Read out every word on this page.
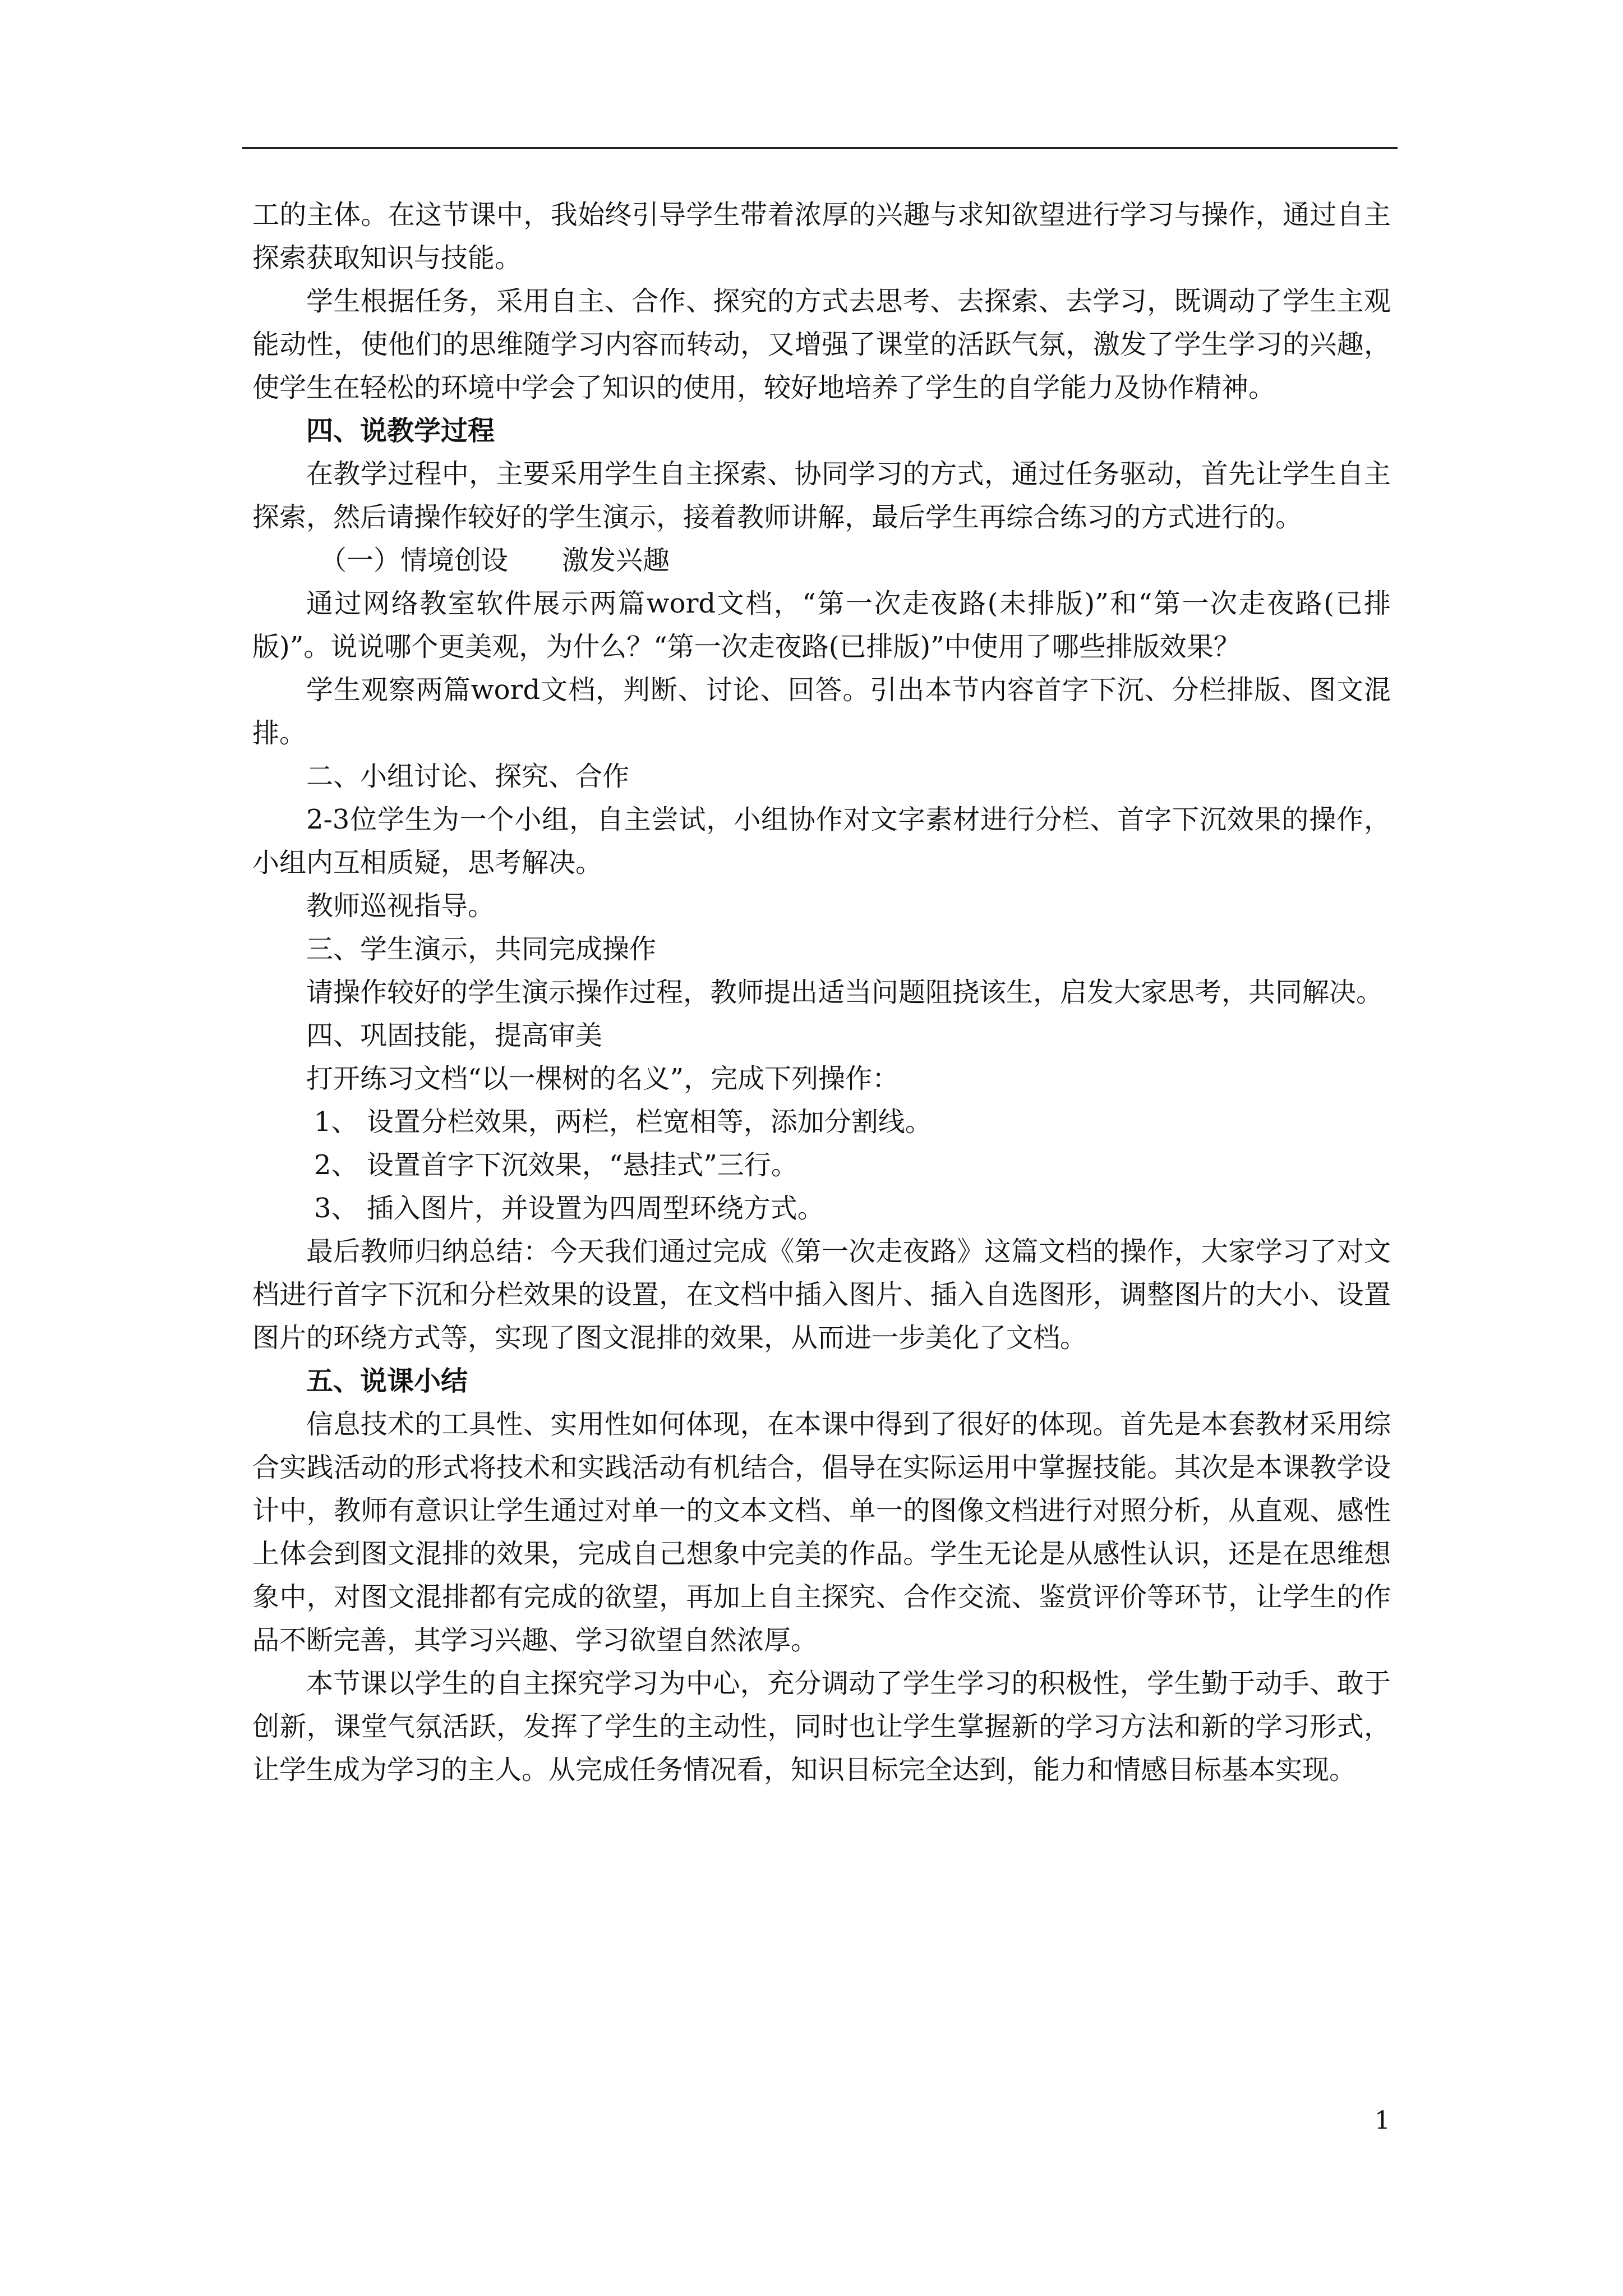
工的主体。在这节课中，我始终引导学生带着浓厚的兴趣与求知欲望进行学习与操作，通过自主探索获取知识与技能。

学生根据任务，采用自主、合作、探究的方式去思考、去探索、去学习，既调动了学生主观能动性，使他们的思维随学习内容而转动，又增强了课堂的活跃气氛，激发了学生学习的兴趣，使学生在轻松的环境中学会了知识的使用，较好地培养了学生的自学能力及协作精神。

四、说教学过程

在教学过程中，主要采用学生自主探索、协同学习的方式，通过任务驱动，首先让学生自主探索，然后请操作较好的学生演示，接着教师讲解，最后学生再综合练习的方式进行的。

（一）情境创设　　激发兴趣

通过网络教室软件展示两篇word文档，“第一次走夜路(未排版)”和“第一次走夜路(已排版)”。说说哪个更美观，为什么？“第一次走夜路(已排版)”中使用了哪些排版效果？

学生观察两篇word文档，判断、讨论、回答。引出本节内容首字下沉、分栏排版、图文混排。

二、小组讨论、探究、合作

2-3位学生为一个小组，自主尝试，小组协作对文字素材进行分栏、首字下沉效果的操作，小组内互相质疑，思考解决。

教师巡视指导。

三、学生演示，共同完成操作

请操作较好的学生演示操作过程，教师提出适当问题阻挠该生，启发大家思考，共同解决。

四、巩固技能，提高审美

打开练习文档“以一棵树的名义”，完成下列操作：

1、 设置分栏效果，两栏，栏宽相等，添加分割线。

2、 设置首字下沉效果，“悬挂式”三行。

3、 插入图片，并设置为四周型环绕方式。

最后教师归纳总结：今天我们通过完成《第一次走夜路》这篇文档的操作，大家学习了对文档进行首字下沉和分栏效果的设置，在文档中插入图片、插入自选图形，调整图片的大小、设置图片的环绕方式等，实现了图文混排的效果，从而进一步美化了文档。

五、说课小结

信息技术的工具性、实用性如何体现，在本课中得到了很好的体现。首先是本套教材采用综合实践活动的形式将技术和实践活动有机结合，倡导在实际运用中掌握技能。其次是本课教学设计中，教师有意识让学生通过对单一的文本文档、单一的图像文档进行对照分析，从直观、感性上体会到图文混排的效果，完成自己想象中完美的作品。学生无论是从感性认识，还是在思维想象中，对图文混排都有完成的欲望，再加上自主探究、合作交流、鉴赏评价等环节，让学生的作品不断完善，其学习兴趣、学习欲望自然浓厚。

本节课以学生的自主探究学习为中心，充分调动了学生学习的积极性，学生勤于动手、敢于创新，课堂气氛活跃，发挥了学生的主动性，同时也让学生掌握新的学习方法和新的学习形式，让学生成为学习的主人。从完成任务情况看，知识目标完全达到，能力和情感目标基本实现。

1
